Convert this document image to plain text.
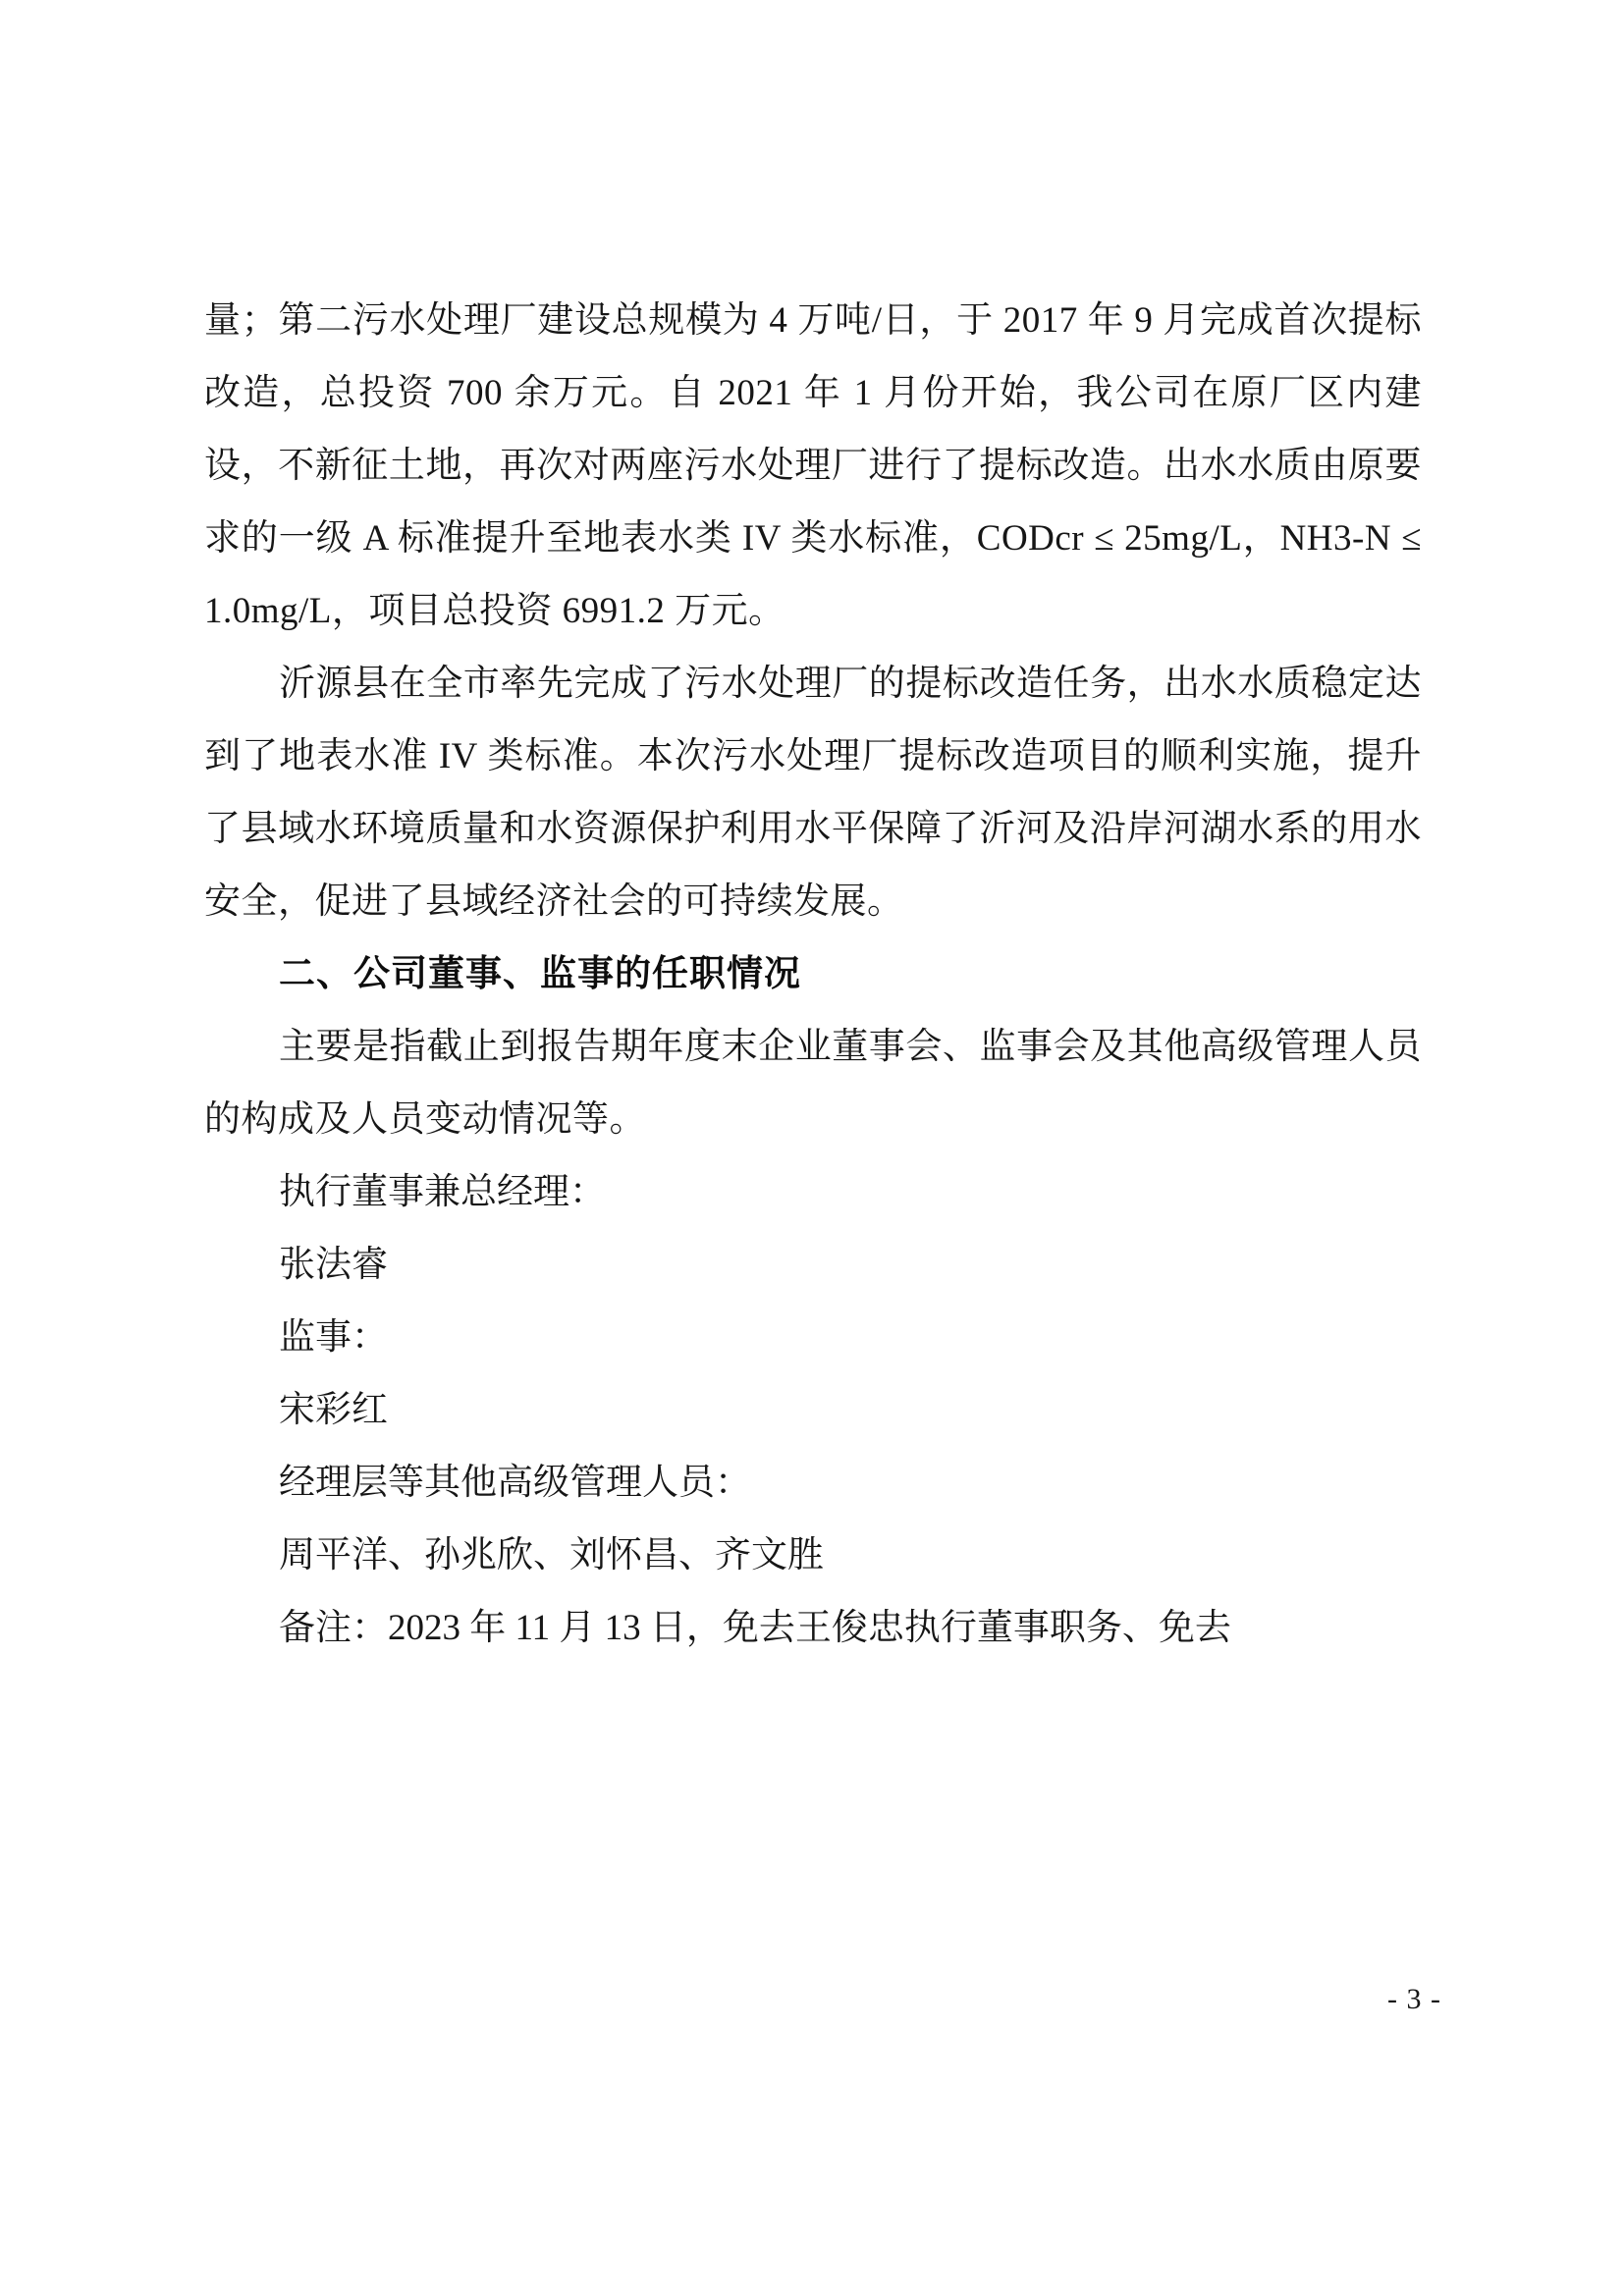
量；第二污水处理厂建设总规模为 4 万吨/日，于 2017 年 9 月完成首次提标改造，总投资 700 余万元。自 2021 年 1 月份开始，我公司在原厂区内建设，不新征土地，再次对两座污水处理厂进行了提标改造。出水水质由原要求的一级 A 标准提升至地表水类 IV 类水标准，CODcr ≤ 25mg/L，NH3-N ≤ 1.0mg/L，项目总投资 6991.2 万元。

沂源县在全市率先完成了污水处理厂的提标改造任务，出水水质稳定达到了地表水准 IV 类标准。本次污水处理厂提标改造项目的顺利实施，提升了县域水环境质量和水资源保护利用水平保障了沂河及沿岸河湖水系的用水安全，促进了县域经济社会的可持续发展。

二、公司董事、监事的任职情况

主要是指截止到报告期年度末企业董事会、监事会及其他高级管理人员的构成及人员变动情况等。

执行董事兼总经理：

张法睿

监事：

宋彩红

经理层等其他高级管理人员：

周平洋、孙兆欣、刘怀昌、齐文胜

备注：2023 年 11 月 13 日，免去王俊忠执行董事职务、免去

- 3 -
